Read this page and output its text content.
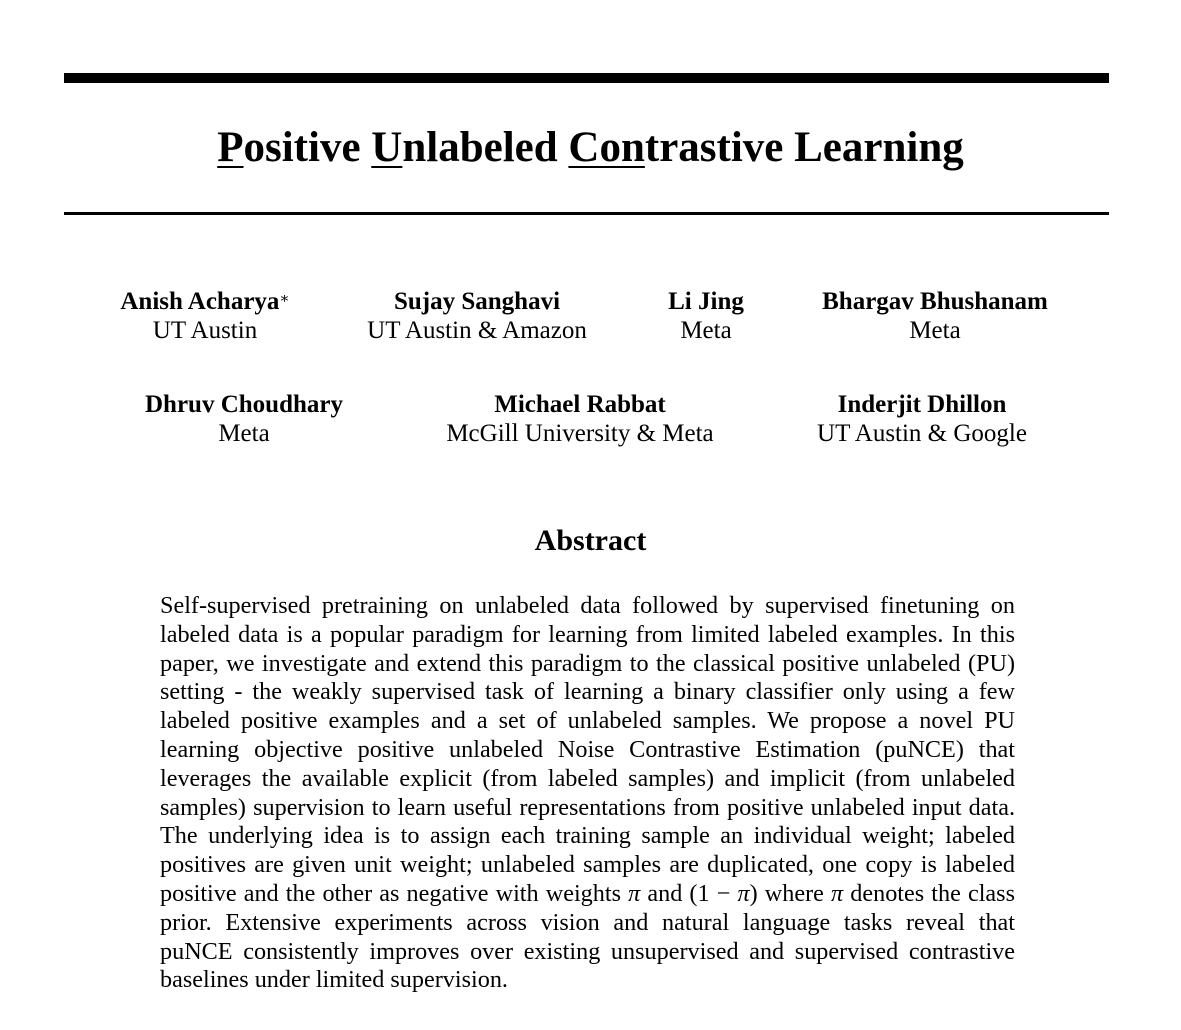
Positive Unlabeled Contrastive Learning
Anish Acharya∗
UT Austin
Sujay Sanghavi
UT Austin & Amazon
Li Jing
Meta
Bhargav Bhushanam
Meta
Dhruv Choudhary
Meta
Michael Rabbat
McGill University & Meta
Inderjit Dhillon
UT Austin & Google
Abstract

Self-supervised pretraining on unlabeled data followed by supervised finetuning on labeled data is a popular paradigm for learning from limited labeled examples. In this paper, we investigate and extend this paradigm to the classical positive unlabeled (PU) setting - the weakly supervised task of learning a binary classifier only using a few labeled positive examples and a set of unlabeled samples. We propose a novel PU learning objective positive unlabeled Noise Contrastive Estimation (puNCE) that leverages the available explicit (from labeled samples) and implicit (from unlabeled samples) supervision to learn useful representations from positive unlabeled input data. The underlying idea is to assign each training sample an individual weight; labeled positives are given unit weight; unlabeled samples are duplicated, one copy is labeled positive and the other as negative with weights π and (1 − π) where π denotes the class prior. Extensive experiments across vision and natural language tasks reveal that puNCE consistently improves over existing unsupervised and supervised contrastive baselines under limited supervision.
